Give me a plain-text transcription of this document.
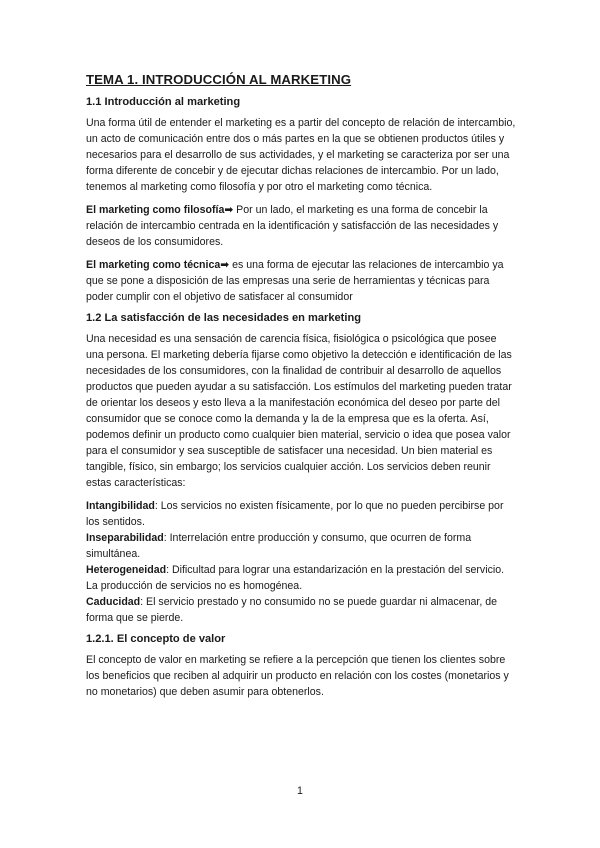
TEMA 1. INTRODUCCIÓN AL MARKETING
1.1 Introducción al marketing

Una forma útil de entender el marketing es a partir del concepto de relación de intercambio, un acto de comunicación entre dos o más partes en la que se obtienen productos útiles y necesarios para el desarrollo de sus actividades, y el marketing se caracteriza por ser una forma diferente de concebir y de ejecutar dichas relaciones de intercambio. Por un lado, tenemos al marketing como filosofía y por otro el marketing como técnica.

El marketing como filosofía➡ Por un lado, el marketing es una forma de concebir la relación de intercambio centrada en la identificación y satisfacción de las necesidades y deseos de los consumidores.

El marketing como técnica➡ es una forma de ejecutar las relaciones de intercambio ya que se pone a disposición de las empresas una serie de herramientas y técnicas para poder cumplir con el objetivo de satisfacer al consumidor

1.2 La satisfacción de las necesidades en marketing

Una necesidad es una sensación de carencia física, fisiológica o psicológica que posee una persona. El marketing debería fijarse como objetivo la detección e identificación de las necesidades de los consumidores, con la finalidad de contribuir al desarrollo de aquellos productos que pueden ayudar a su satisfacción. Los estímulos del marketing pueden tratar de orientar los deseos y esto lleva a la manifestación económica del deseo por parte del consumidor que se conoce como la demanda y la de la empresa que es la oferta. Así, podemos definir un producto como cualquier bien material, servicio o idea que posea valor para el consumidor y sea susceptible de satisfacer una necesidad. Un bien material es tangible, físico, sin embargo; los servicios cualquier acción. Los servicios deben reunir estas características:

Intangibilidad: Los servicios no existen físicamente, por lo que no pueden percibirse por los sentidos.

Inseparabilidad: Interrelación entre producción y consumo, que ocurren de forma simultánea.

Heterogeneidad: Dificultad para lograr una estandarización en la prestación del servicio. La producción de servicios no es homogénea.

Caducidad: El servicio prestado y no consumido no se puede guardar ni almacenar, de forma que se pierde.

1.2.1. El concepto de valor

El concepto de valor en marketing se refiere a la percepción que tienen los clientes sobre los beneficios que reciben al adquirir un producto en relación con los costes (monetarios y no monetarios) que deben asumir para obtenerlos.

1
